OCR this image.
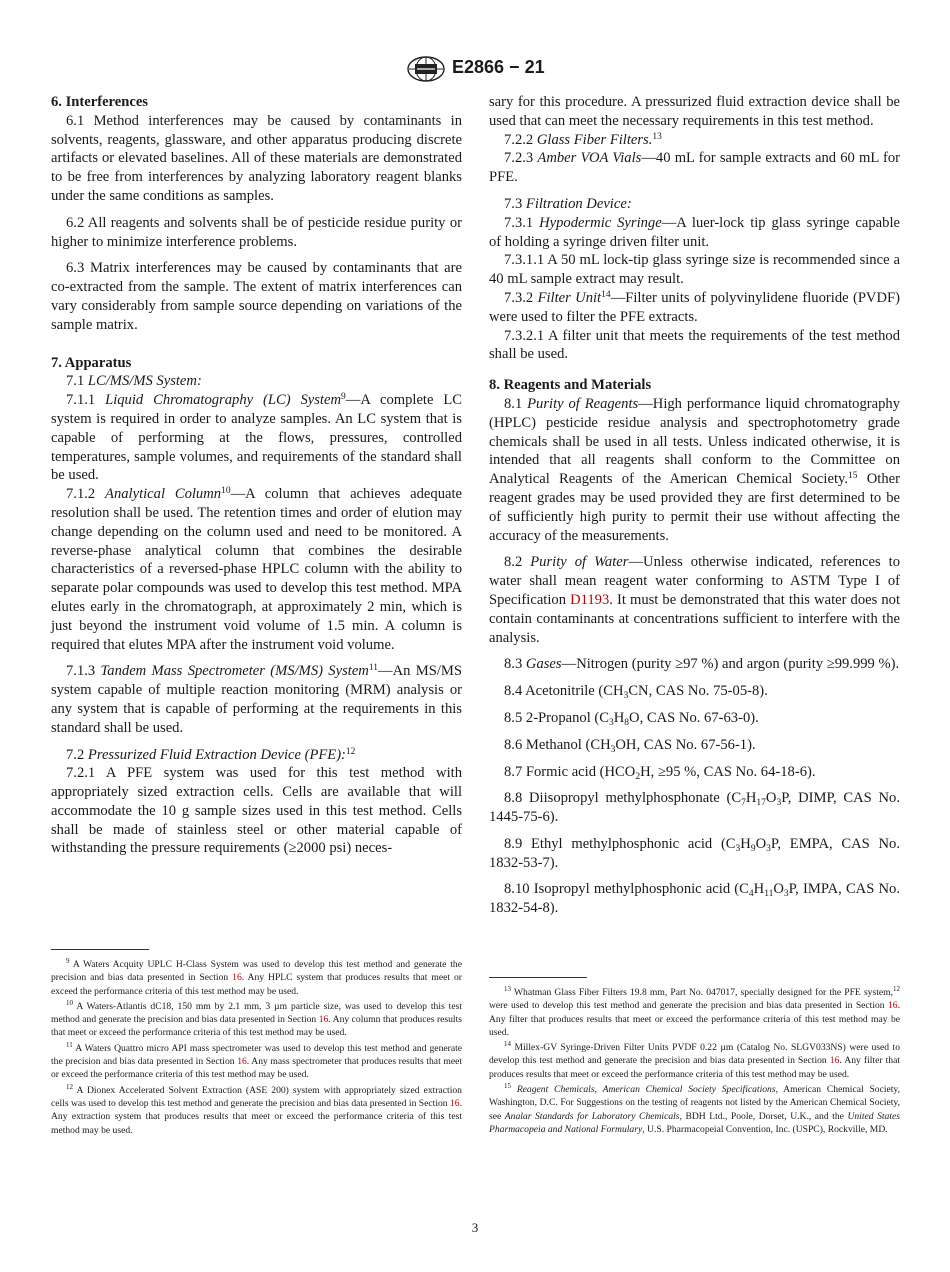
E2866 − 21

6. Interferences

6.1 Method interferences may be caused by contaminants in solvents, reagents, glassware, and other apparatus producing discrete artifacts or elevated baselines. All of these materials are demonstrated to be free from interferences by analyzing laboratory reagent blanks under the same conditions as samples.

6.2 All reagents and solvents shall be of pesticide residue purity or higher to minimize interference problems.

6.3 Matrix interferences may be caused by contaminants that are co-extracted from the sample. The extent of matrix interferences can vary considerably from sample source depending on variations of the sample matrix.

7. Apparatus

7.1 LC/MS/MS System:

7.1.1 Liquid Chromatography (LC) System$^9$—A complete LC system is required in order to analyze samples. An LC system that is capable of performing at the flows, pressures, controlled temperatures, sample volumes, and requirements of the standard shall be used.

7.1.2 Analytical Column$^{10}$—A column that achieves adequate resolution shall be used. The retention times and order of elution may change depending on the column used and need to be monitored. A reverse-phase analytical column that combines the desirable characteristics of a reversed-phase HPLC column with the ability to separate polar compounds was used to develop this test method. MPA elutes early in the chromatograph, at approximately 2 min, which is just beyond the instrument void volume of 1.5 min. A column is required that elutes MPA after the instrument void volume.

7.1.3 Tandem Mass Spectrometer (MS/MS) System$^{11}$—An MS/MS system capable of multiple reaction monitoring (MRM) analysis or any system that is capable of performing at the requirements in this standard shall be used.

7.2 Pressurized Fluid Extraction Device (PFE):$^{12}$

7.2.1 A PFE system was used for this test method with appropriately sized extraction cells. Cells are available that will accommodate the 10 g sample sizes used in this test method. Cells shall be made of stainless steel or other material capable of withstanding the pressure requirements (≥2000 psi) neces-

$^9$ A Waters Acquity UPLC H-Class System was used to develop this test method and generate the precision and bias data presented in Section 16. Any HPLC system that produces results that meet or exceed the performance criteria of this test method may be used.

$^{10}$ A Waters-Atlantis dC18, 150 mm by 2.1 mm, 3 µm particle size, was used to develop this test method and generate the precision and bias data presented in Section 16. Any column that produces results that meet or exceed the performance criteria of this test method may be used.

$^{11}$ A Waters Quattro micro API mass spectrometer was used to develop this test method and generate the precision and bias data presented in Section 16. Any mass spectrometer that produces results that meet or exceed the performance criteria of this test method may be used.

$^{12}$ A Dionex Accelerated Solvent Extraction (ASE 200) system with appropriately sized extraction cells was used to develop this test method and generate the precision and bias data presented in Section 16. Any extraction system that produces results that meet or exceed the performance criteria of this test method may be used.

sary for this procedure. A pressurized fluid extraction device shall be used that can meet the necessary requirements in this test method.

7.2.2 Glass Fiber Filters.$^{13}$

7.2.3 Amber VOA Vials—40 mL for sample extracts and 60 mL for PFE.

7.3 Filtration Device:

7.3.1 Hypodermic Syringe—A luer-lock tip glass syringe capable of holding a syringe driven filter unit.

7.3.1.1 A 50 mL lock-tip glass syringe size is recommended since a 40 mL sample extract may result.

7.3.2 Filter Unit$^{14}$—Filter units of polyvinylidene fluoride (PVDF) were used to filter the PFE extracts.

7.3.2.1 A filter unit that meets the requirements of the test method shall be used.

8. Reagents and Materials

8.1 Purity of Reagents—High performance liquid chromatography (HPLC) pesticide residue analysis and spectrophotometry grade chemicals shall be used in all tests. Unless indicated otherwise, it is intended that all reagents shall conform to the Committee on Analytical Reagents of the American Chemical Society.$^{15}$ Other reagent grades may be used provided they are first determined to be of sufficiently high purity to permit their use without affecting the accuracy of the measurements.

8.2 Purity of Water—Unless otherwise indicated, references to water shall mean reagent water conforming to ASTM Type I of Specification D1193. It must be demonstrated that this water does not contain contaminants at concentrations sufficient to interfere with the analysis.

8.3 Gases—Nitrogen (purity ≥97 %) and argon (purity ≥99.999 %).

8.4 Acetonitrile ($CH_3CN$, CAS No. 75-05-8).

8.5 2-Propanol ($C_3H_8O$, CAS No. 67-63-0).

8.6 Methanol ($CH_3OH$, CAS No. 67-56-1).

8.7 Formic acid ($HCO_2H$, ≥95 %, CAS No. 64-18-6).

8.8 Diisopropyl methylphosphonate ($C_7H_{17}O_3P$, DIMP, CAS No. 1445-75-6).

8.9 Ethyl methylphosphonic acid ($C_3H_9O_3P$, EMPA, CAS No. 1832-53-7).

8.10 Isopropyl methylphosphonic acid ($C_4H_{11}O_3P$, IMPA, CAS No. 1832-54-8).

$^{13}$ Whatman Glass Fiber Filters 19.8 mm, Part No. 047017, specially designed for the PFE system,$^{12}$ were used to develop this test method and generate the precision and bias data presented in Section 16. Any filter that produces results that meet or exceed the performance criteria of this test method may be used.

$^{14}$ Millex-GV Syringe-Driven Filter Units PVDF 0.22 µm (Catalog No. SLGV033NS) were used to develop this test method and generate the precision and bias data presented in Section 16. Any filter that produces results that meet or exceed the performance criteria of this test method may be used.

$^{15}$ Reagent Chemicals, American Chemical Society Specifications, American Chemical Society, Washington, D.C. For Suggestions on the testing of reagents not listed by the American Chemical Society, see Analar Standards for Laboratory Chemicals, BDH Ltd., Poole, Dorset, U.K., and the United States Pharmacopeia and National Formulary, U.S. Pharmacopeial Convention, Inc. (USPC), Rockville, MD.

3
